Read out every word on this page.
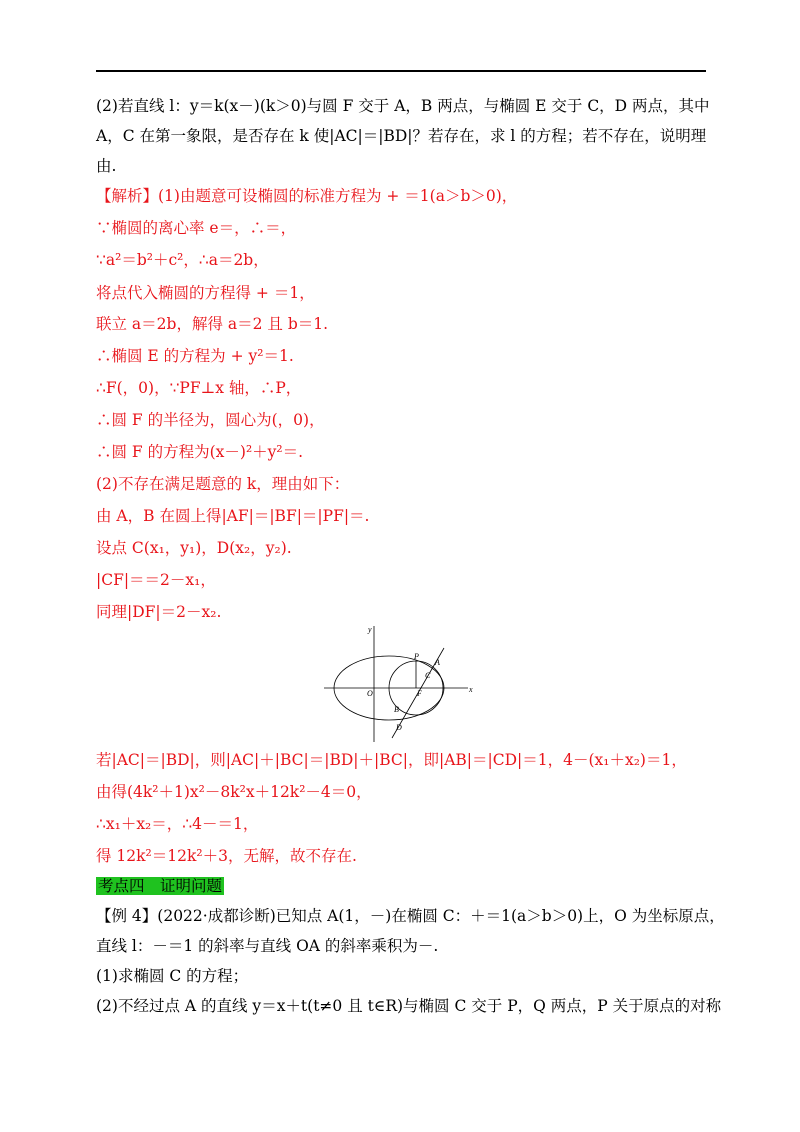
(2)若直线 l：y＝k(x－)(k＞0)与圆 F 交于 A，B 两点，与椭圆 E 交于 C，D 两点，其中
A，C 在第一象限，是否存在 k 使|AC|＝|BD|？若存在，求 l 的方程；若不存在，说明理
由.
【解析】(1)由题意可设椭圆的标准方程为 + ＝1(a＞b＞0)，
∵椭圆的离心率 e＝，∴＝，
∵a²＝b²＋c²，∴a＝2b，
将点代入椭圆的方程得 + ＝1，
联立 a＝2b，解得 a＝2 且 b＝1.
∴椭圆 E 的方程为 + y²＝1.
∴F(，0)，∵PF⊥x 轴，∴P，
∴圆 F 的半径为，圆心为(，0)，
∴圆 F 的方程为(x－)²＋y²＝.
(2)不存在满足题意的 k，理由如下：
由 A，B 在圆上得|AF|＝|BF|＝|PF|＝.
设点 C(x₁，y₁)，D(x₂，y₂).
|CF|＝＝2－x₁，
同理|DF|＝2－x₂.
若|AC|＝|BD|，则|AC|＋|BC|＝|BD|＋|BC|，即|AB|＝|CD|＝1，4－(x₁＋x₂)＝1，
由得(4k²＋1)x²－8k²x＋12k²－4＝0，
∴x₁＋x₂＝，∴4－＝1，
得 12k²＝12k²＋3，无解，故不存在.
考点四　证明问题
【例 4】(2022·成都诊断)已知点 A(1，－)在椭圆 C：＋＝1(a＞b＞0)上，O 为坐标原点，
直线 l：－＝1 的斜率与直线 OA 的斜率乘积为－.
(1)求椭圆 C 的方程；
(2)不经过点 A 的直线 y＝x＋t(t≠0 且 t∈R)与椭圆 C 交于 P，Q 两点，P 关于原点的对称
y
x
O	F
P
A
C
B
D
